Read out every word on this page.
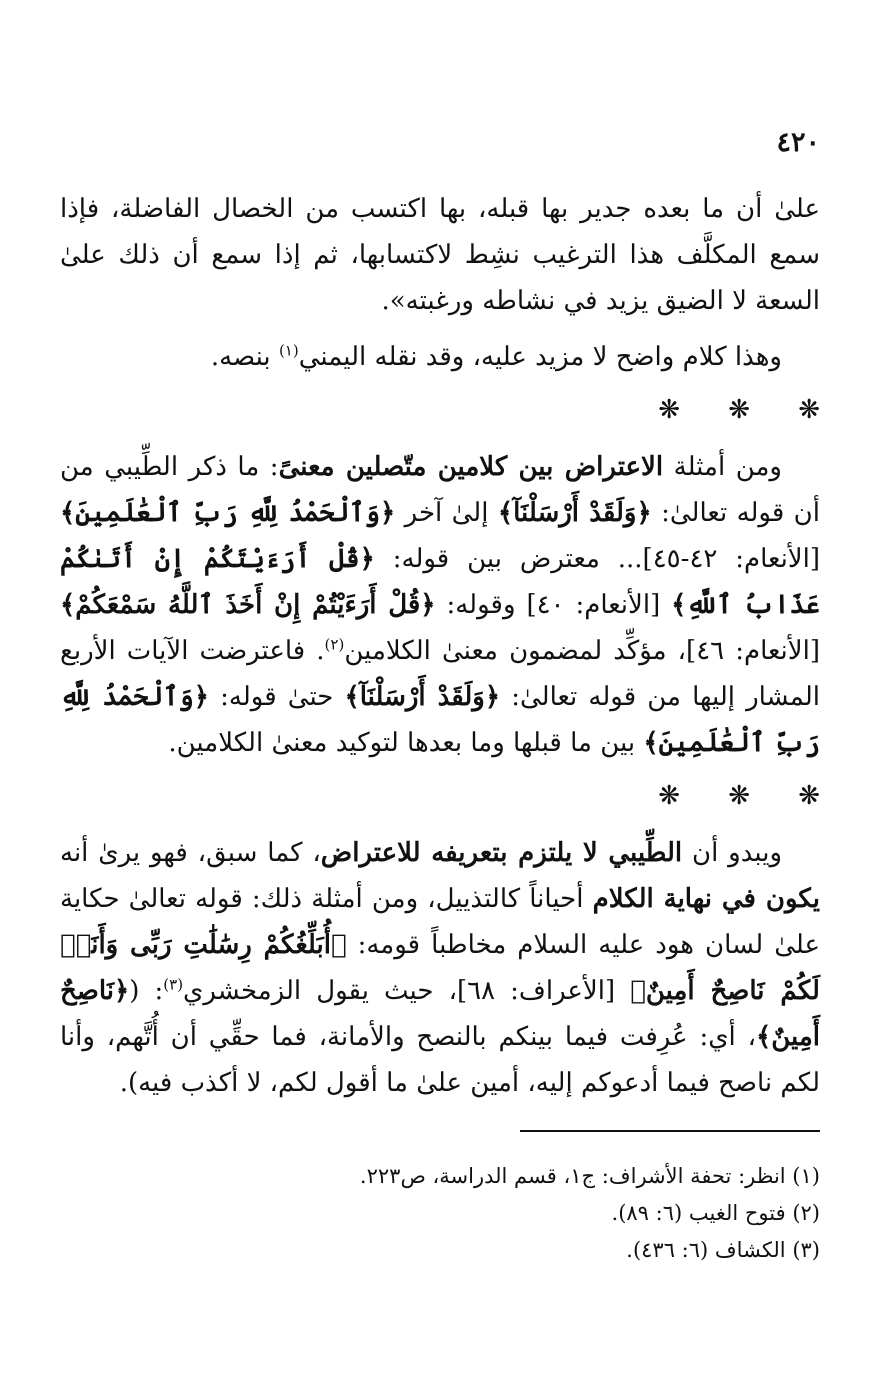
٤٢٠

علىٰ أن ما بعده جدير بها قبله، بها اكتسب من الخصال الفاضلة، فإذا سمع المكلَّف هذا الترغيب نشِط لاكتسابها، ثم إذا سمع أن ذلك علىٰ السعة لا الضيق يزيد في نشاطه ورغبته».

وهذا كلام واضح لا مزيد عليه، وقد نقله اليمني$^{(١)}$ بنصه.

❋ ❋ ❋

ومن أمثلة الاعتراض بين كلامين متّصلين معنىً: ما ذكر الطِّيبي من أن قوله تعالىٰ: ﴿وَلَقَدْ أَرْسَلْنَآ﴾ إلىٰ آخر ﴿وَٱلْحَمْدُ لِلَّهِ رَبِّ ٱلْعَٰلَمِينَ﴾ [الأنعام: ٤٢-٤٥]... معترض بين قوله: ﴿قُلْ أَرَءَيْتَكُمْ إِنْ أَتَىٰكُمْ عَذَابُ ٱللَّهِ﴾ [الأنعام: ٤٠] وقوله: ﴿قُلْ أَرَءَيْتُمْ إِنْ أَخَذَ ٱللَّهُ سَمْعَكُمْ﴾ [الأنعام: ٤٦]، مؤكِّد لمضمون معنىٰ الكلامين$^{(٢)}$. فاعترضت الآيات الأربع المشار إليها من قوله تعالىٰ: ﴿وَلَقَدْ أَرْسَلْنَآ﴾ حتىٰ قوله: ﴿وَٱلْحَمْدُ لِلَّهِ رَبِّ ٱلْعَٰلَمِينَ﴾ بين ما قبلها وما بعدها لتوكيد معنىٰ الكلامين.

❋ ❋ ❋

ويبدو أن الطِّيبي لا يلتزم بتعريفه للاعتراض، كما سبق، فهو يرىٰ أنه يكون في نهاية الكلام أحياناً كالتذييل، ومن أمثلة ذلك: قوله تعالىٰ حكاية علىٰ لسان هود عليه السلام مخاطباً قومه: ﴿أُبَلِّغُكُمْ رِسَٰلَٰتِ رَبِّى وَأَنَا۠ لَكُمْ نَاصِحٌ أَمِينٌ﴾ [الأعراف: ٦٨]، حيث يقول الزمخشري$^{(٣)}$: (﴿نَاصِحٌ أَمِينٌ﴾، أي: عُرِفت فيما بينكم بالنصح والأمانة، فما حقِّي أن أُتَّهم، وأنا لكم ناصح فيما أدعوكم إليه، أمين علىٰ ما أقول لكم، لا أكذب فيه).

(١) انظر: تحفة الأشراف: ج١، قسم الدراسة، ص٢٢٣.

(٢) فتوح الغيب (٦: ٨٩).

(٣) الكشاف (٦: ٤٣٦).
